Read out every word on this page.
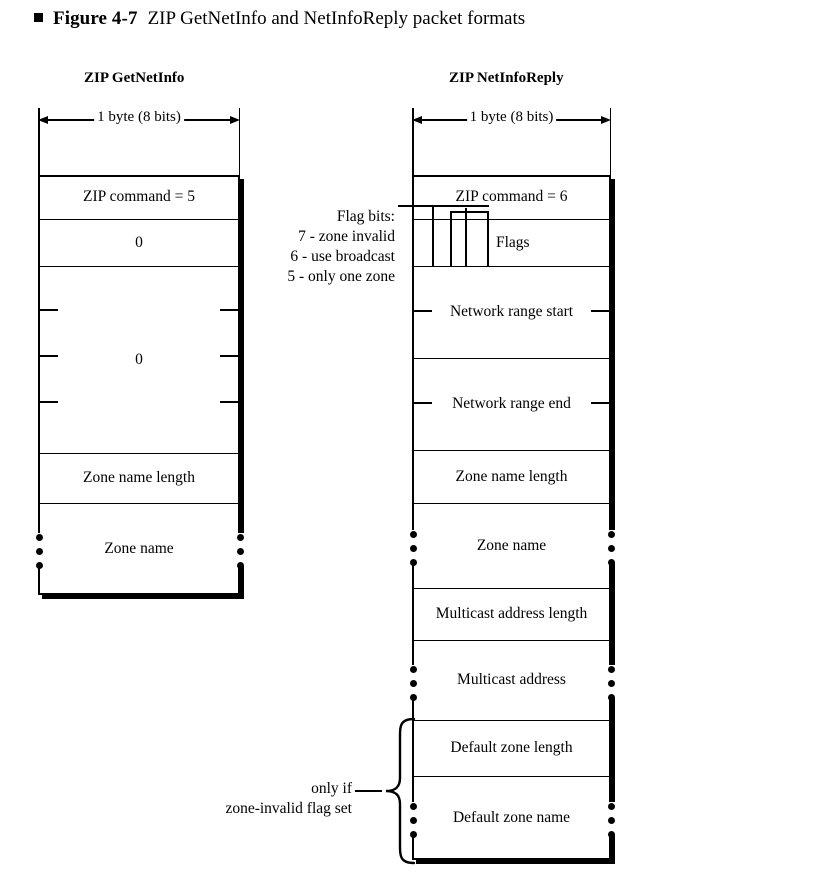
Figure 4-7 ZIP GetNetInfo and NetInfoReply packet formats
ZIP GetNetInfo	ZIP NetInfoReply
1 byte (8 bits)	1 byte (8 bits)
ZIP command = 5
0
0
Zone name length
Zone name
ZIP command = 6
Flags
Network range start
Network range end
Zone name length
Zone name
Multicast address length
Multicast address
Default zone length
Default zone name
Flag bits:
7 - zone invalid
6 - use broadcast
5 - only one zone
only if
zone-invalid flag set
